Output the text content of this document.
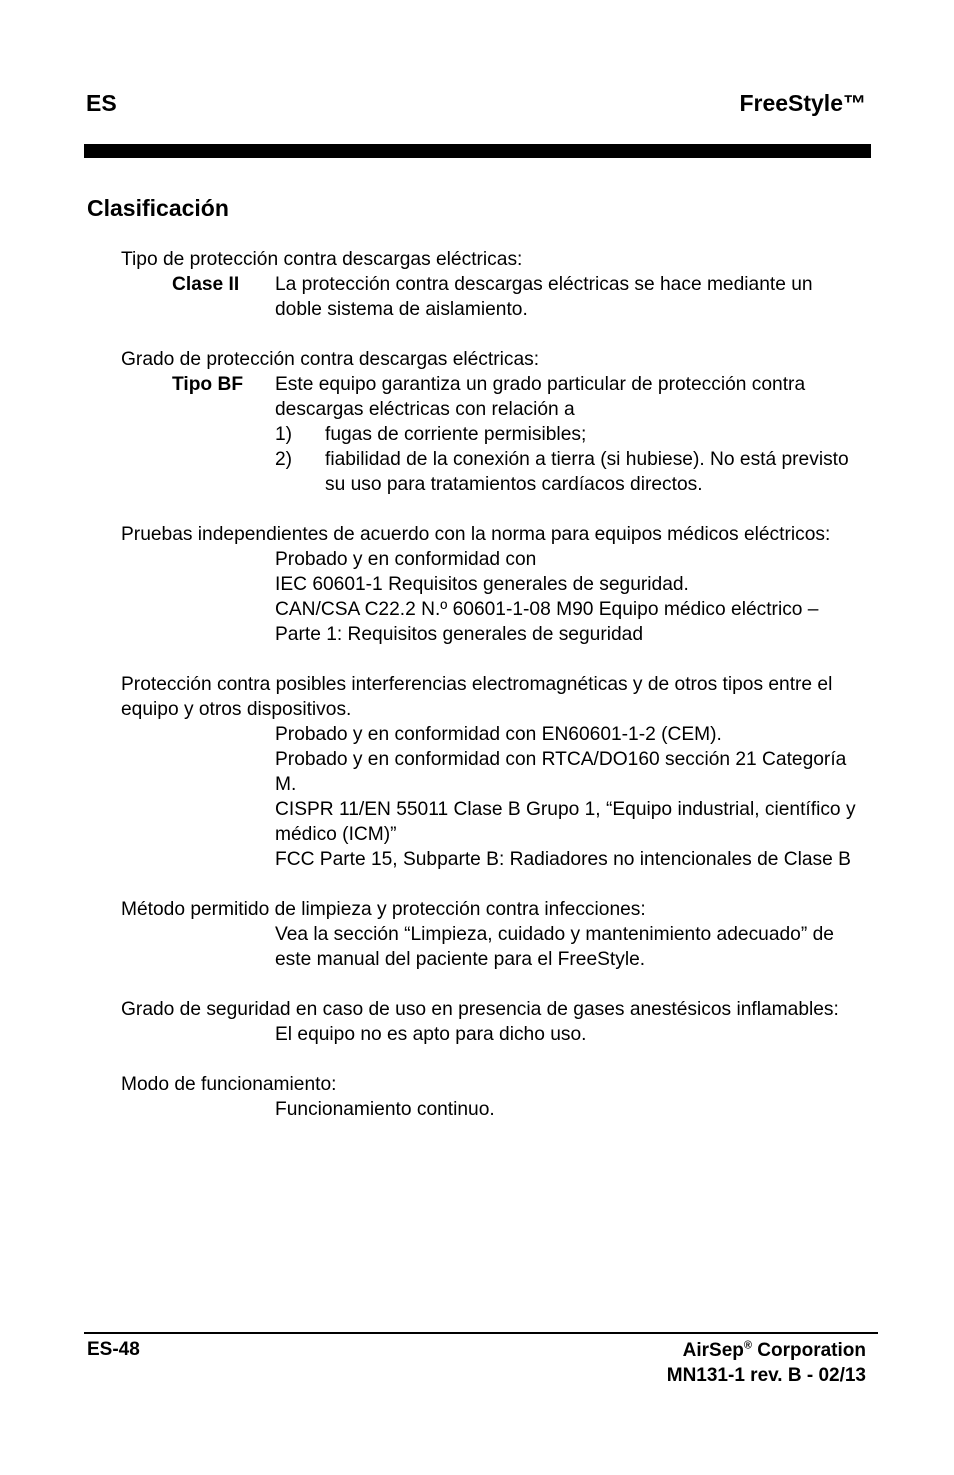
ES	FreeStyle™
Clasificación

Tipo de protección contra descargas eléctricas:

Clase II	La protección contra descargas eléctricas se hace mediante un doble sistema de aislamiento.

Grado de protección contra descargas eléctricas:

Tipo BF	Este equipo garantiza un grado particular de protección contra descargas eléctricas con relación a
1)	fugas de corriente permisibles;
2)	fiabilidad de la conexión a tierra (si hubiese). No está previsto su uso para tratamientos cardíacos directos.

Pruebas independientes de acuerdo con la norma para equipos médicos eléctricos:

Probado y en conformidad con

IEC 60601-1 Requisitos generales de seguridad.

CAN/CSA C22.2 N.º 60601-1-08 M90 Equipo médico eléctrico – Parte 1: Requisitos generales de seguridad

Protección contra posibles interferencias electromagnéticas y de otros tipos entre el equipo y otros dispositivos.

Probado y en conformidad con EN60601-1-2 (CEM).

Probado y en conformidad con RTCA/DO160 sección 21 Categoría M.

CISPR 11/EN 55011 Clase B Grupo 1, “Equipo industrial, científico y médico (ICM)”

FCC Parte 15, Subparte B: Radiadores no intencionales de Clase B

Método permitido de limpieza y protección contra infecciones:

Vea la sección “Limpieza, cuidado y mantenimiento adecuado” de este manual del paciente para el FreeStyle.

Grado de seguridad en caso de uso en presencia de gases anestésicos inflamables:

El equipo no es apto para dicho uso.

Modo de funcionamiento:

Funcionamiento continuo.

ES-48	AirSep® Corporation
MN131-1 rev. B - 02/13
